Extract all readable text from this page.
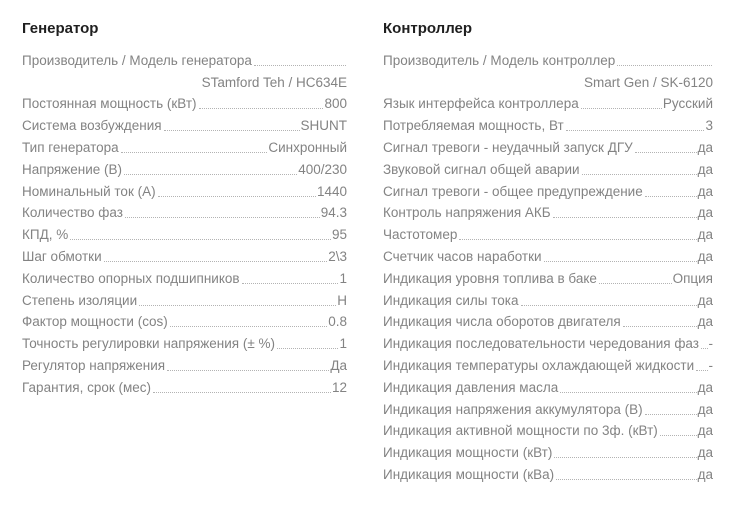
Генератор
Производитель / Модель генератора
STamford Teh / HC634E
Постоянная мощность (кВт)	800
Система возбуждения	SHUNT
Тип генератора	Синхронный
Напряжение (В)	400/230
Номинальный ток (А)	1440
Количество фаз	94.3
КПД, %	95
Шаг обмотки	2\3
Количество опорных подшипников	1
Степень изоляции	Н
Фактор мощности (cos)	0.8
Точность регулировки напряжения (± %)	1
Регулятор напряжения	Да
Гарантия, срок (мес)	12
Контроллер
Производитель / Модель контроллер
Smart Gen / SK-6120
Язык интерфейса контроллера	Русский
Потребляемая мощность, Вт	3
Сигнал тревоги - неудачный запуск ДГУ	да
Звуковой сигнал общей аварии	да
Сигнал тревоги - общее предупреждение	да
Контроль напряжения АКБ	да
Частотомер	да
Счетчик часов наработки	да
Индикация уровня топлива в баке	Опция
Индикация силы тока	да
Индикация числа оборотов двигателя	да
Индикация последовательности чередования фаз -
Индикация температуры охлаждающей жидкости -
Индикация давления масла	да
Индикация напряжения аккумулятора (В)	да
Индикация активной мощности по 3ф. (кВт)	да
Индикация мощности (кВт)	да
Индикация мощности (кВа)	да
